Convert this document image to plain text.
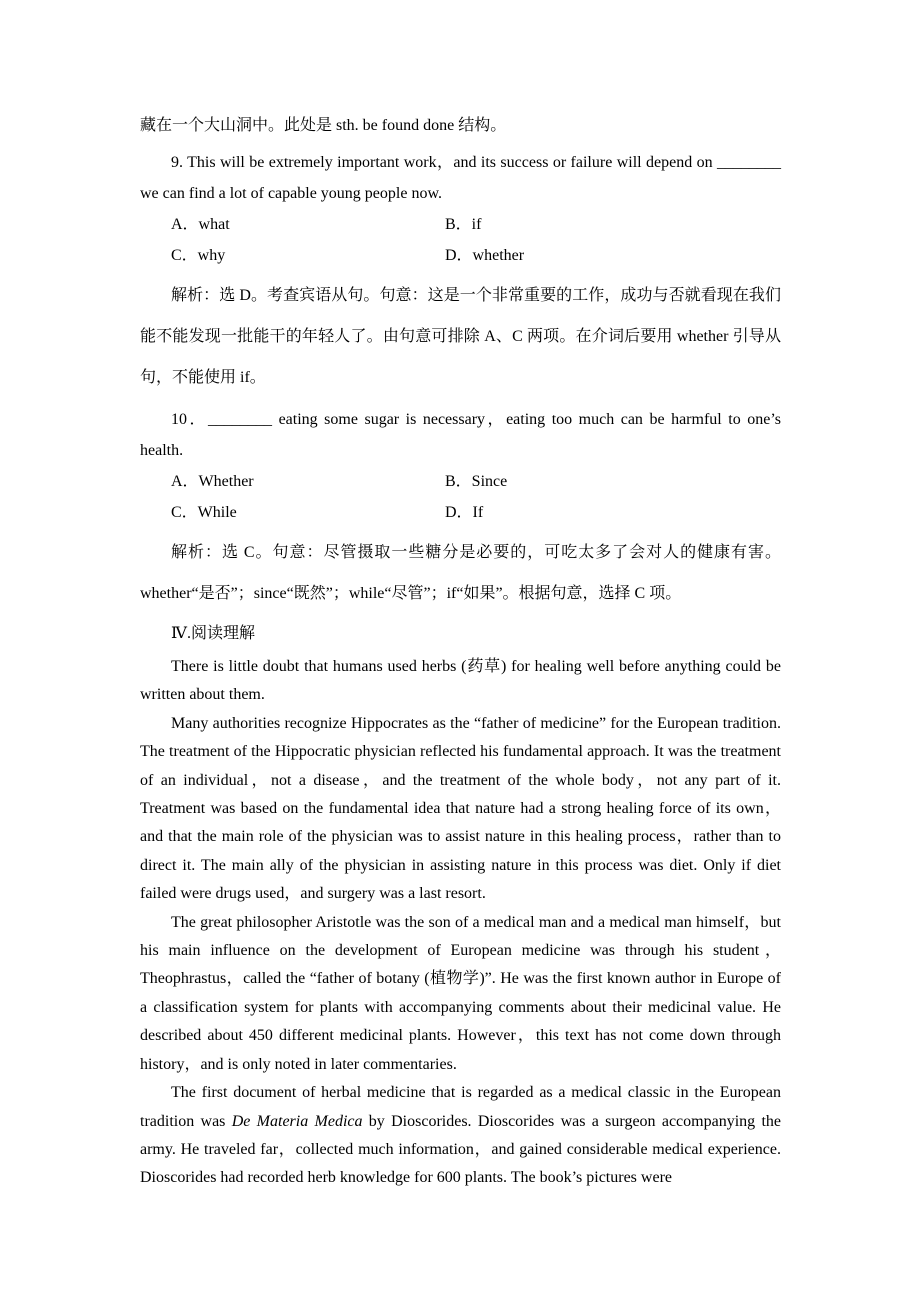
藏在一个大山洞中。此处是 sth. be found done 结构。

9. This will be extremely important work，and its success or failure will depend on ________ we can find a lot of capable young people now.

A．what	B．if
C．why	D．whether

解析：选 D。考查宾语从句。句意：这是一个非常重要的工作，成功与否就看现在我们能不能发现一批能干的年轻人了。由句意可排除 A、C 两项。在介词后要用 whether 引导从句，不能使用 if。

10．________ eating some sugar is necessary，eating too much can be harmful to one’s health.

A．Whether	B．Since
C．While	D．If

解析：选 C。句意：尽管摄取一些糖分是必要的，可吃太多了会对人的健康有害。whether“是否”；since“既然”；while“尽管”；if“如果”。根据句意，选择 C 项。

Ⅳ.阅读理解

There is little doubt that humans used herbs (药草) for healing well before anything could be written about them.

Many authorities recognize Hippocrates as the “father of medicine” for the European tradition. The treatment of the Hippocratic physician reflected his fundamental approach. It was the treatment of an individual，not a disease，and the treatment of the whole body，not any part of it. Treatment was based on the fundamental idea that nature had a strong healing force of its own，and that the main role of the physician was to assist nature in this healing process，rather than to direct it. The main ally of the physician in assisting nature in this process was diet. Only if diet failed were drugs used，and surgery was a last resort.

The great philosopher Aristotle was the son of a medical man and a medical man himself，but his main influence on the development of European medicine was through his student，Theophrastus，called the “father of botany (植物学)”. He was the first known author in Europe of a classification system for plants with accompanying comments about their medicinal value. He described about 450 different medicinal plants. However，this text has not come down through history，and is only noted in later commentaries.

The first document of herbal medicine that is regarded as a medical classic in the European tradition was De Materia Medica by Dioscorides. Dioscorides was a surgeon accompanying the army. He traveled far，collected much information，and gained considerable medical experience. Dioscorides had recorded herb knowledge for 600 plants. The book’s pictures were
